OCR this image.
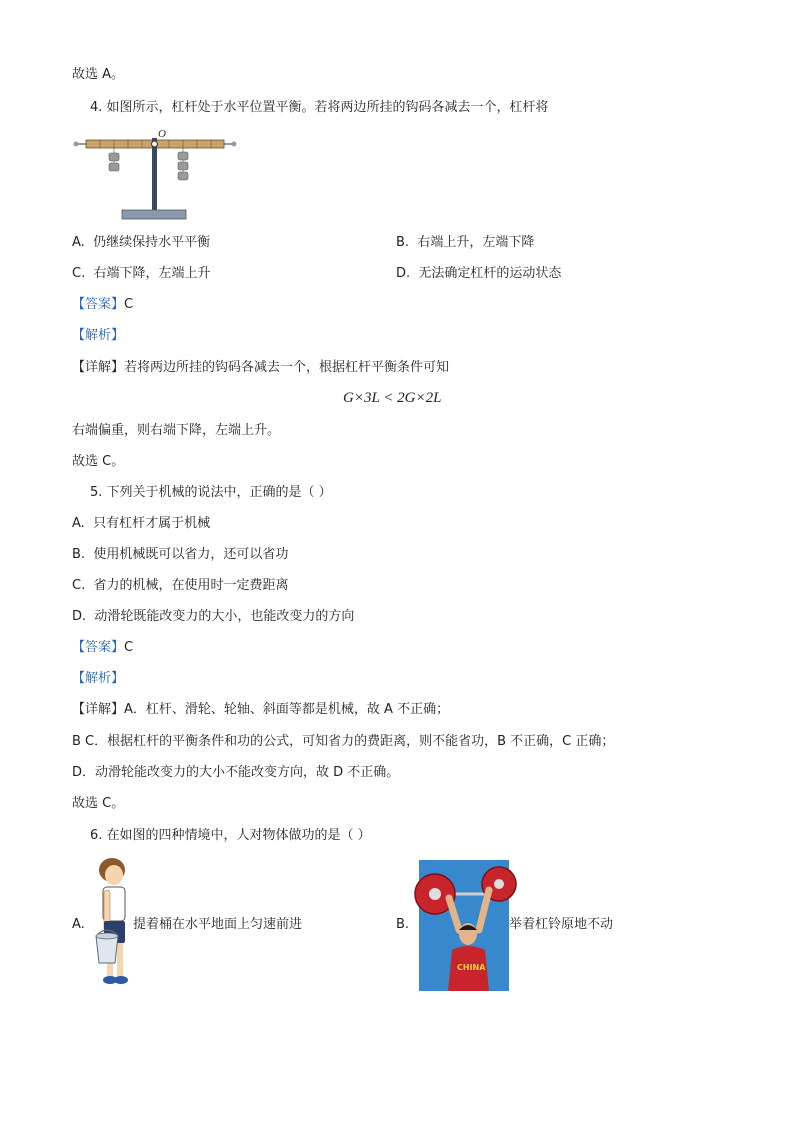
故选 A。
4. 如图所示，杠杆处于水平位置平衡。若将两边所挂的钩码各减去一个，杠杆将
O
A. 仍继续保持水平平衡	B. 右端上升，左端下降
C. 右端下降，左端上升	D. 无法确定杠杆的运动状态
【答案】C
【解析】
【详解】若将两边所挂的钩码各减去一个，根据杠杆平衡条件可知
G×3L < 2G×2L
右端偏重，则右端下降，左端上升。
故选 C。
5. 下列关于机械的说法中，正确的是（ ）
A. 只有杠杆才属于机械
B. 使用机械既可以省力，还可以省功
C. 省力的机械，在使用时一定费距离
D. 动滑轮既能改变力的大小，也能改变力的方向
【答案】C
【解析】
【详解】A．杠杆、滑轮、轮轴、斜面等都是机械，故 A 不正确；
B C．根据杠杆的平衡条件和功的公式，可知省力的费距离，则不能省功，B 不正确，C 正确；
D．动滑轮能改变力的大小不能改变方向，故 D 不正确。
故选 C。
6. 在如图的四种情境中，人对物体做功的是（ ）
A.	提着桶在水平地面上匀速前进	B.
CHINA
举着杠铃原地不动
